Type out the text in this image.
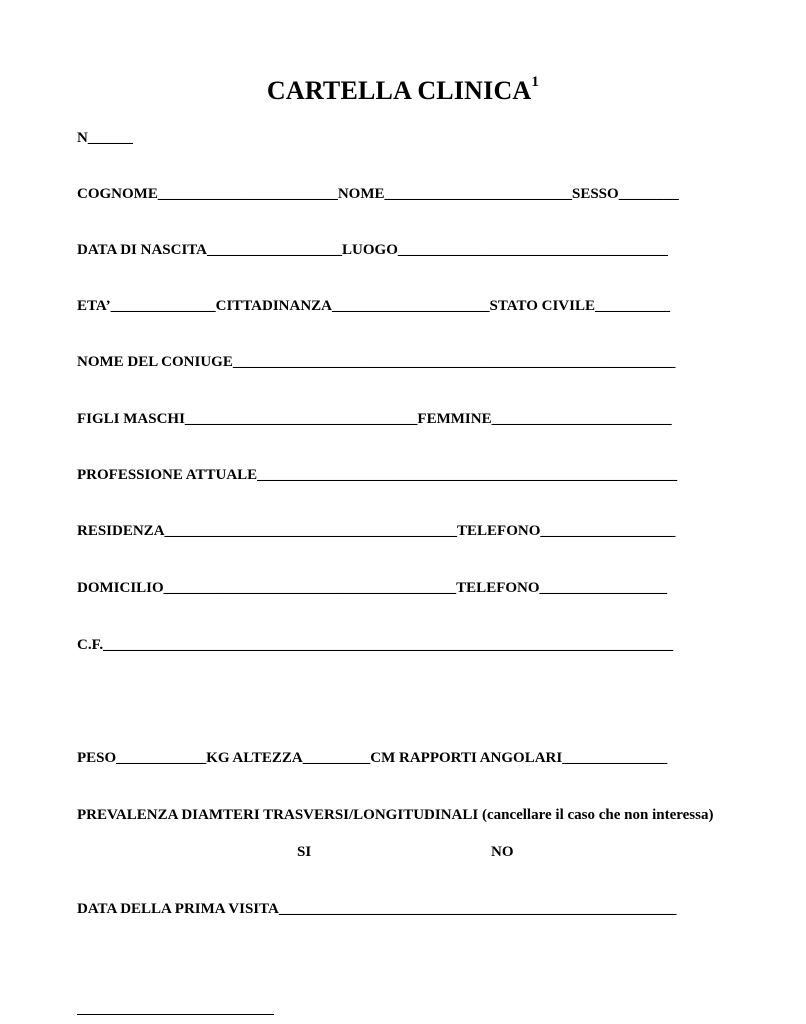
CARTELLA CLINICA$^1$
N______
COGNOME________________________NOME_________________________SESSO________
DATA DI NASCITA__________________LUOGO____________________________________
ETA’______________CITTADINANZA_____________________STATO CIVILE__________
NOME DEL CONIUGE___________________________________________________________
FIGLI MASCHI_______________________________FEMMINE________________________
PROFESSIONE ATTUALE________________________________________________________
RESIDENZA_______________________________________TELEFONO__________________
DOMICILIO_______________________________________TELEFONO_________________
C.F.____________________________________________________________________________
PESO____________KG ALTEZZA_________CM RAPPORTI ANGOLARI______________
PREVALENZA DIAMTERI TRASVERSI/LONGITUDINALI (cancellare il caso che non interessa)
SI	NO
DATA DELLA PRIMA VISITA_____________________________________________________
